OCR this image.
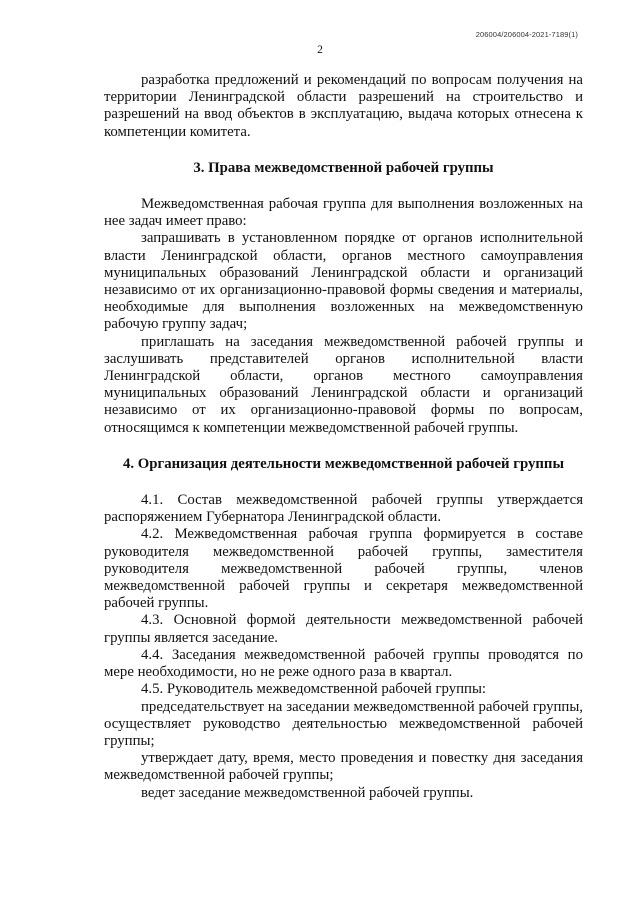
206004/206004-2021-7189(1)
2

разработка предложений и рекомендаций по вопросам получения на территории Ленинградской области разрешений на строительство и разрешений на ввод объектов в эксплуатацию, выдача которых отнесена к компетенции комитета.

3. Права межведомственной рабочей группы

Межведомственная рабочая группа для выполнения возложенных на нее задач имеет право:

запрашивать в установленном порядке от органов исполнительной власти Ленинградской области, органов местного самоуправления муниципальных образований Ленинградской области и организаций независимо от их организационно-правовой формы сведения и материалы, необходимые для выполнения возложенных на межведомственную рабочую группу задач;

приглашать на заседания межведомственной рабочей группы и заслушивать представителей органов исполнительной власти Ленинградской области, органов местного самоуправления муниципальных образований Ленинградской области и организаций независимо от их организационно-правовой формы по вопросам, относящимся к компетенции межведомственной рабочей группы.

4. Организация деятельности межведомственной рабочей группы

4.1. Состав межведомственной рабочей группы утверждается распоряжением Губернатора Ленинградской области.

4.2. Межведомственная рабочая группа формируется в составе руководителя межведомственной рабочей группы, заместителя руководителя межведомственной рабочей группы, членов межведомственной рабочей группы и секретаря межведомственной рабочей группы.

4.3. Основной формой деятельности межведомственной рабочей группы является заседание.

4.4. Заседания межведомственной рабочей группы проводятся по мере необходимости, но не реже одного раза в квартал.

4.5. Руководитель межведомственной рабочей группы:

председательствует на заседании межведомственной рабочей группы, осуществляет руководство деятельностью межведомственной рабочей группы;

утверждает дату, время, место проведения и повестку дня заседания межведомственной рабочей группы;

ведет заседание межведомственной рабочей группы.
